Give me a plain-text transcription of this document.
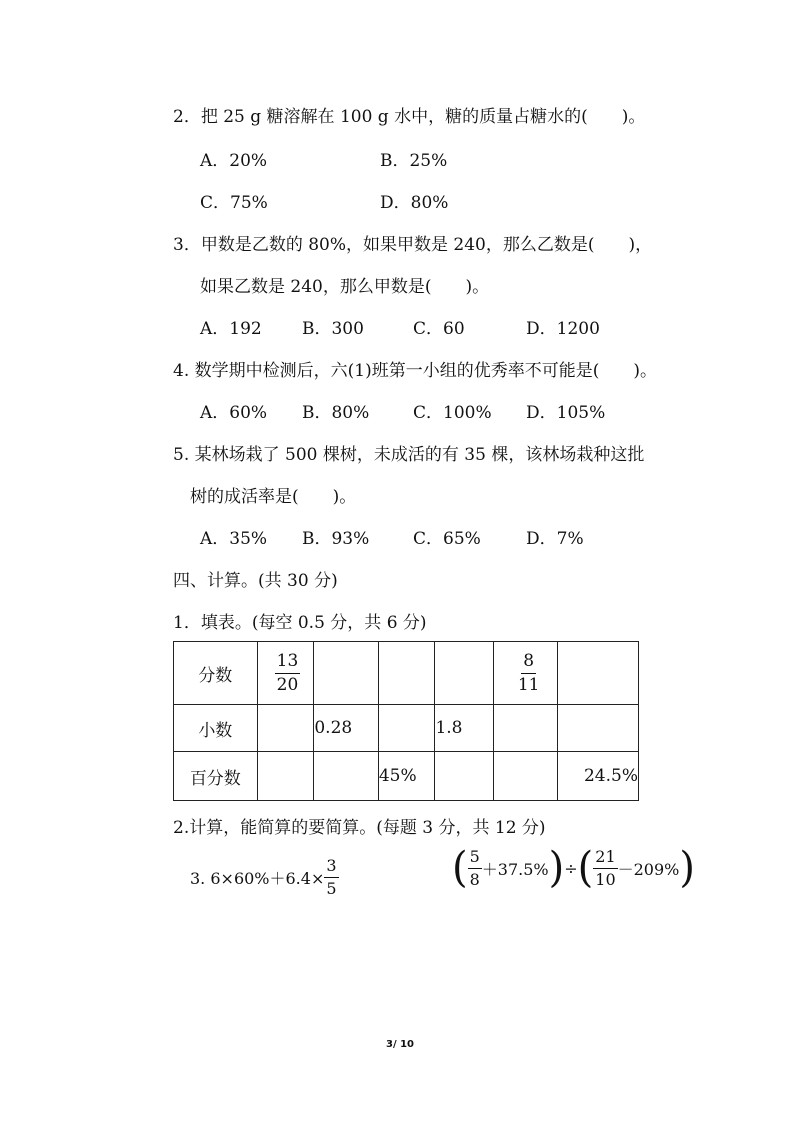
2．把 25 g 糖溶解在 100 g 水中，糖的质量占糖水的(　　)。
A．20%	B．25%
C．75%	D．80%
3．甲数是乙数的 80%，如果甲数是 240，那么乙数是(　　)，
如果乙数是 240，那么甲数是(　　)。
A．192 B．300	C．60	D．1200
4. 数学期中检测后，六(1)班第一小组的优秀率不可能是(　　)。
A．60% B．80%	C．100% D．105%
5. 某林场栽了 500 棵树，未成活的有 35 棵，该林场栽种这批
树的成活率是(　　)。
A．35% B．93%	C．65%	D．7%
四、计算。(共 30 分)
1．填表。(每空 0.5 分，共 6 分)
分数	$\frac{13}{20}$				$\frac{8}{11}$

小数		0.28		1.8		
百分数			45%			24.5%
2.计算，能简算的要简算。(每题 3 分，共 12 分)
3. $6\times 60\%+6.4\times \frac{3}{5}$	( $\frac{5}{8} +37.5\%$ ) ÷ ( $\frac{21}{10} -209\%$ )
3/ 10
